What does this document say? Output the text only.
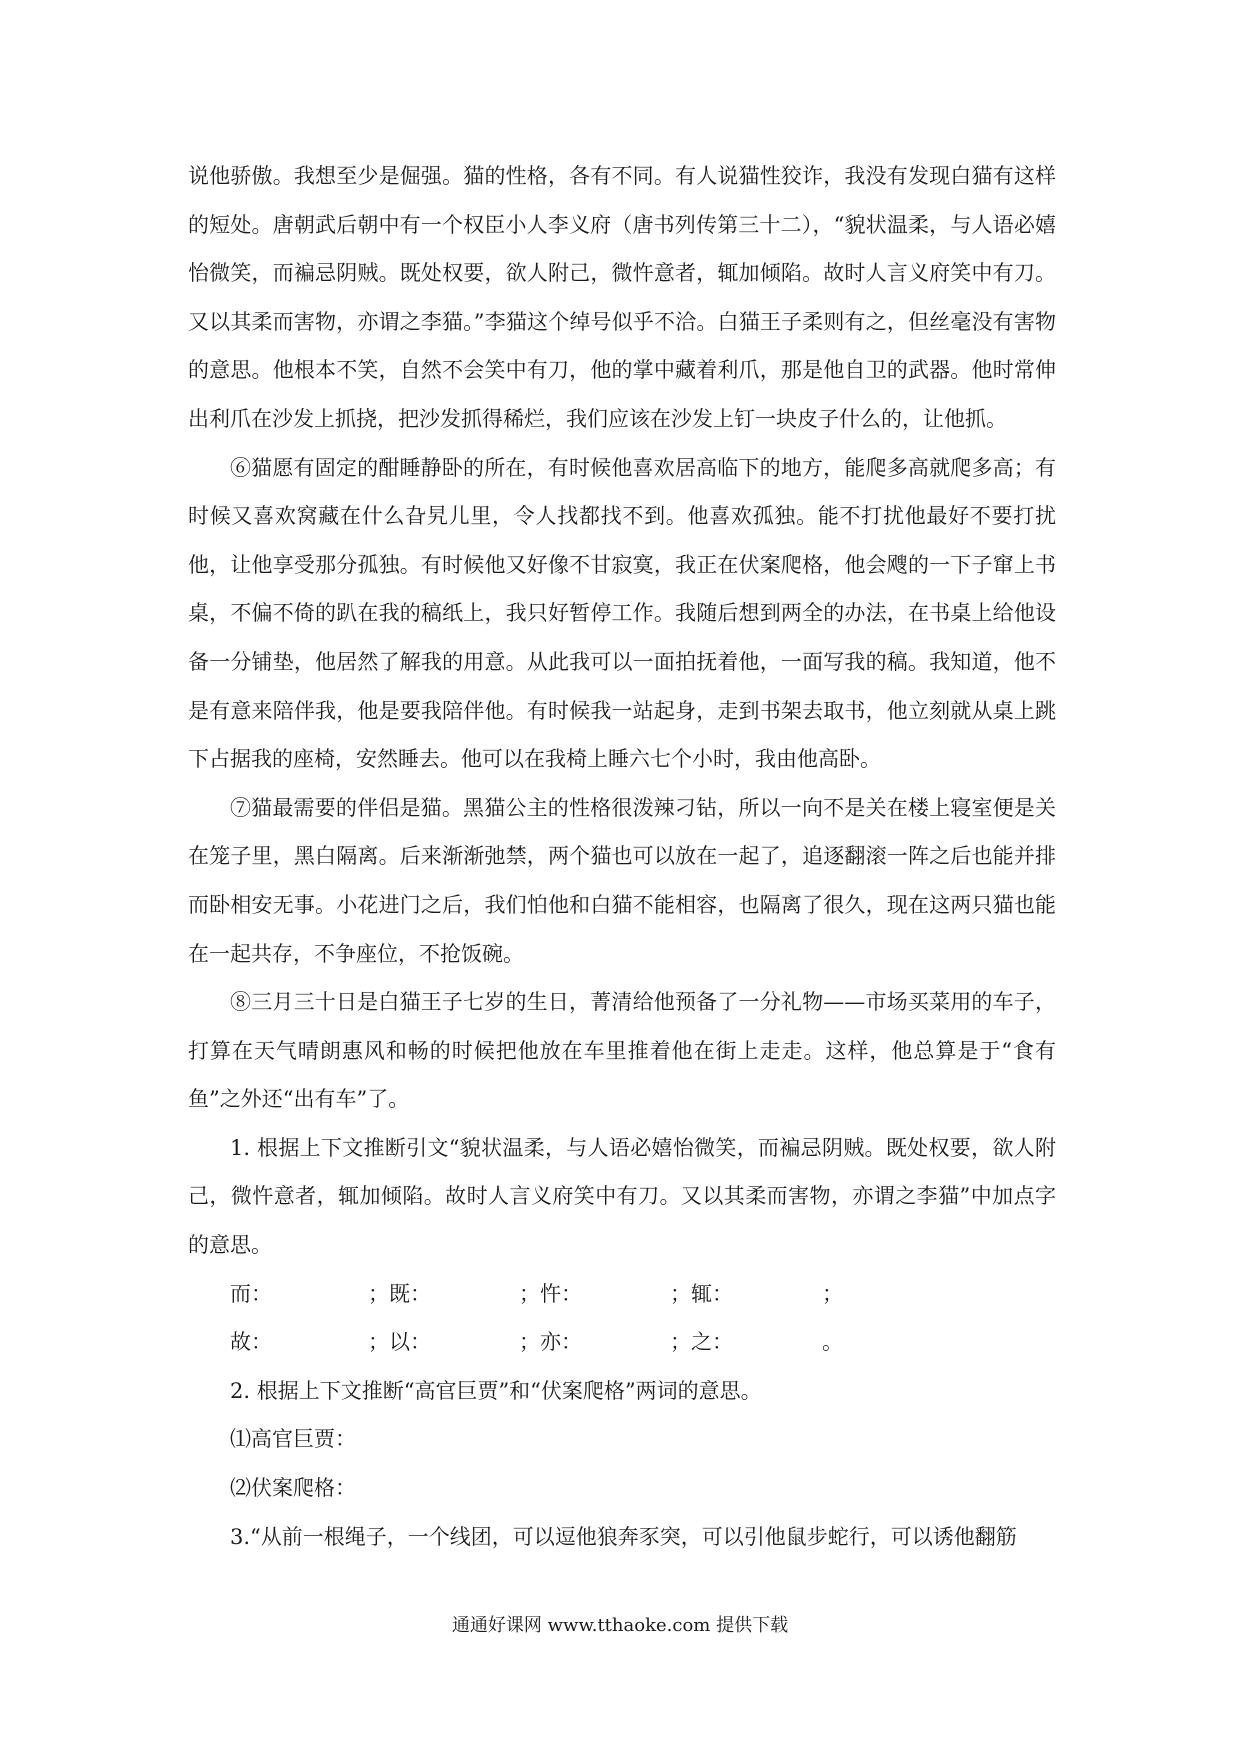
说他骄傲。我想至少是倔强。猫的性格，各有不同。有人说猫性狡诈，我没有发现白猫有这样的短处。唐朝武后朝中有一个权臣小人李义府（唐书列传第三十二），“貌状温柔，与人语必嬉怡微笑，而褊忌阴贼。既处权要，欲人附己，微忤意者，辄加倾陷。故时人言义府笑中有刀。又以其柔而害物，亦谓之李猫。”李猫这个绰号似乎不洽。白猫王子柔则有之，但丝毫没有害物的意思。他根本不笑，自然不会笑中有刀，他的掌中藏着利爪，那是他自卫的武器。他时常伸出利爪在沙发上抓挠，把沙发抓得稀烂，我们应该在沙发上钉一块皮子什么的，让他抓。

⑥猫愿有固定的酣睡静卧的所在，有时候他喜欢居高临下的地方，能爬多高就爬多高；有时候又喜欢窝藏在什么旮旯儿里，令人找都找不到。他喜欢孤独。能不打扰他最好不要打扰他，让他享受那分孤独。有时候他又好像不甘寂寞，我正在伏案爬格，他会飕的一下子窜上书桌，不偏不倚的趴在我的稿纸上，我只好暂停工作。我随后想到两全的办法，在书桌上给他设备一分铺垫，他居然了解我的用意。从此我可以一面拍抚着他，一面写我的稿。我知道，他不是有意来陪伴我，他是要我陪伴他。有时候我一站起身，走到书架去取书，他立刻就从桌上跳下占据我的座椅，安然睡去。他可以在我椅上睡六七个小时，我由他高卧。

⑦猫最需要的伴侣是猫。黑猫公主的性格很泼辣刁钻，所以一向不是关在楼上寝室便是关在笼子里，黑白隔离。后来渐渐弛禁，两个猫也可以放在一起了，追逐翻滚一阵之后也能并排而卧相安无事。小花进门之后，我们怕他和白猫不能相容，也隔离了很久，现在这两只猫也能在一起共存，不争座位，不抢饭碗。

⑧三月三十日是白猫王子七岁的生日，菁清给他预备了一分礼物——市场买菜用的车子，打算在天气晴朗惠风和畅的时候把他放在车里推着他在街上走走。这样，他总算是于“食有鱼”之外还“出有车”了。

1. 根据上下文推断引文“貌状温柔，与人语必嬉怡微笑，而褊忌阴贼。既处权要，欲人附己，微忤意者，辄加倾陷。故时人言义府笑中有刀。又以其柔而害物，亦谓之李猫”中加点字的意思。

而：	；既：	；忤：	；辄：	；
故：	；以：	；亦：	；之：	。

2. 根据上下文推断“高官巨贾”和“伏案爬格”两词的意思。

⑴高官巨贾：

⑵伏案爬格：

3.“从前一根绳子，一个线团，可以逗他狼奔豕突，可以引他鼠步蛇行，可以诱他翻筋

通通好课网 www.tthaoke.com 提供下载
